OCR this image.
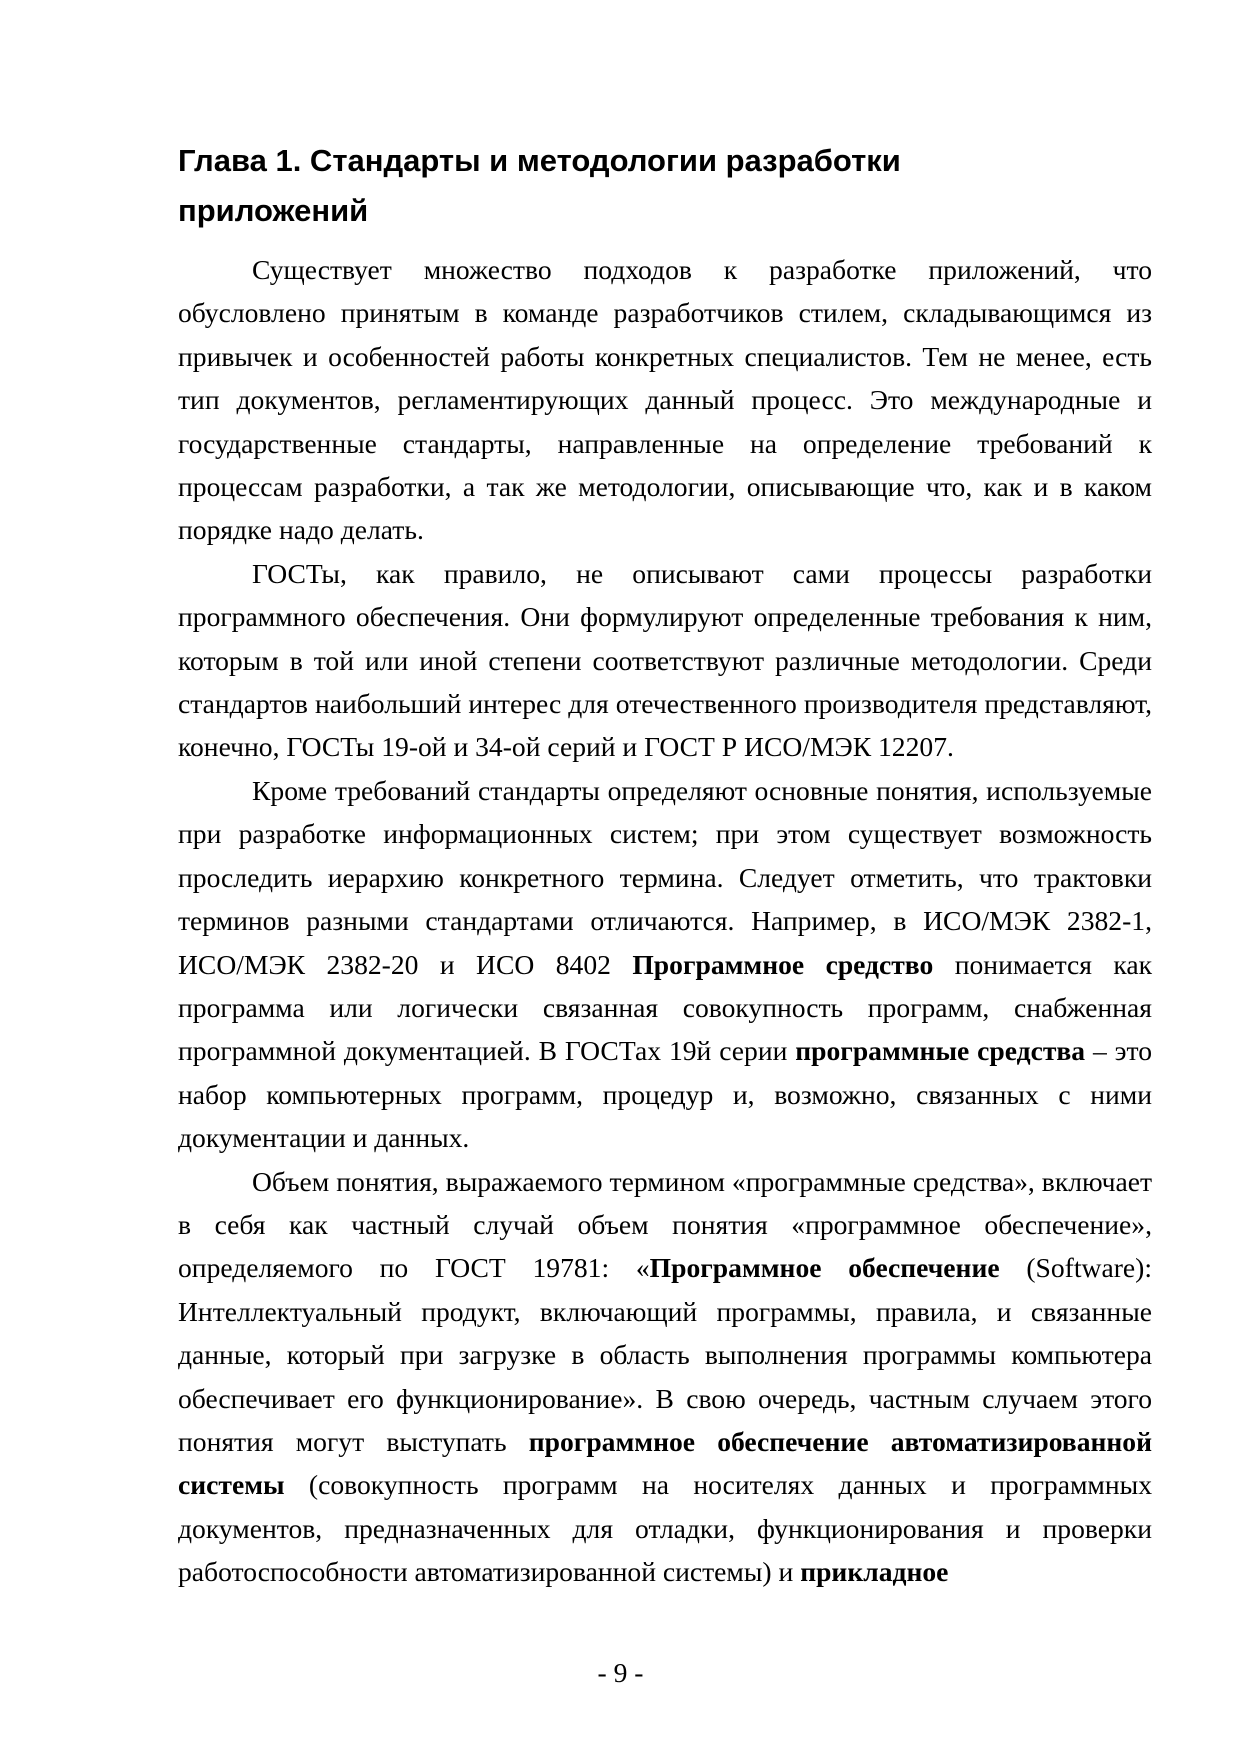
Глава 1. Стандарты и методологии разработки
приложений

Существует множество подходов к разработке приложений, что обусловлено принятым в команде разработчиков стилем, складывающимся из привычек и особенностей работы конкретных специалистов. Тем не менее, есть тип документов, регламентирующих данный процесс. Это международные и государственные стандарты, направленные на определение требований к процессам разработки, а так же методологии, описывающие что, как и в каком порядке надо делать.

ГОСТы, как правило, не описывают сами процессы разработки программного обеспечения. Они формулируют определенные требования к ним, которым в той или иной степени соответствуют различные методологии. Среди стандартов наибольший интерес для отечественного производителя представляют, конечно, ГОСТы 19-ой и 34-ой серий и ГОСТ Р ИСО/МЭК 12207.

Кроме требований стандарты определяют основные понятия, используемые при разработке информационных систем; при этом существует возможность проследить иерархию конкретного термина. Следует отметить, что трактовки терминов разными стандартами отличаются. Например, в ИСО/МЭК 2382-1, ИСО/МЭК 2382-20 и ИСО 8402 Программное средство понимается как программа или логически связанная совокупность программ, снабженная программной документацией. В ГОСТах 19й серии программные средства – это набор компьютерных программ, процедур и, возможно, связанных с ними документации и данных.

Объем понятия, выражаемого термином «программные средства», включает в себя как частный случай объем понятия «программное обеспечение», определяемого по ГОСТ 19781: «Программное обеспечение (Software): Интеллектуальный продукт, включающий программы, правила, и связанные данные, который при загрузке в область выполнения программы компьютера обеспечивает его функционирование». В свою очередь, частным случаем этого понятия могут выступать программное обеспечение автоматизированной системы (совокупность программ на носителях данных и программных документов, предназначенных для отладки, функционирования и проверки работоспособности автоматизированной системы) и прикладное

- 9 -
